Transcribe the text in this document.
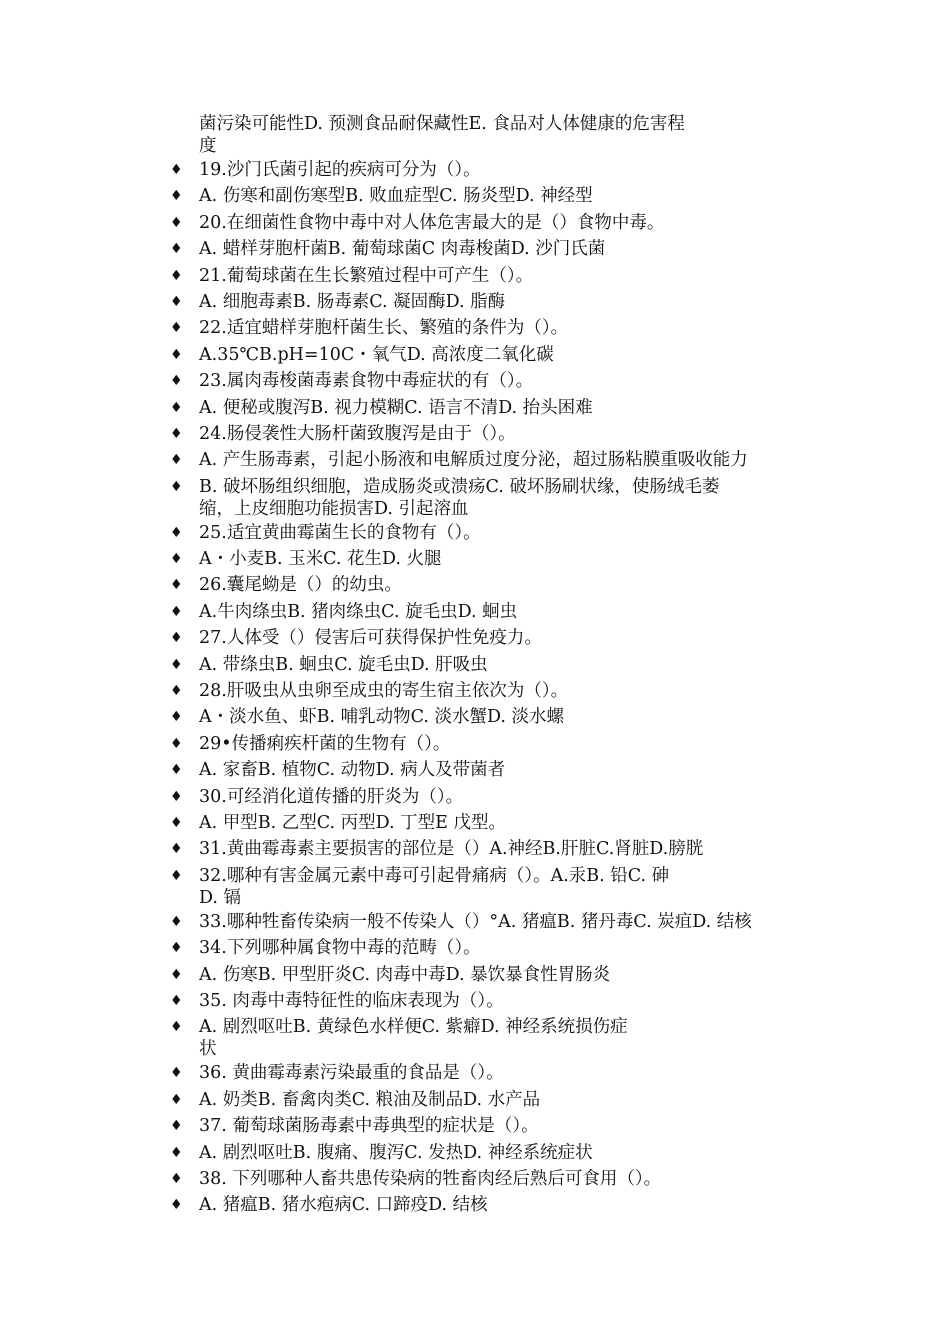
菌污染可能性D. 预测食品耐保藏性E. 食品对人体健康的危害程
度
♦ 19.沙门氏菌引起的疾病可分为（）。
♦ A. 伤寒和副伤寒型B. 败血症型C. 肠炎型D. 神经型
♦ 20.在细菌性食物中毒中对人体危害最大的是（）食物中毒。
♦ A. 蜡样芽胞杆菌B. 葡萄球菌C 肉毒梭菌D. 沙门氏菌
♦ 21.葡萄球菌在生长繁殖过程中可产生（）。
♦ A. 细胞毒素B. 肠毒素C. 凝固酶D. 脂酶
♦ 22.适宜蜡样芽胞杆菌生长、繁殖的条件为（）。
♦ A.35℃B.pH=10C・氧气D. 高浓度二氧化碳
♦ 23.属肉毒梭菌毒素食物中毒症状的有（）。
♦ A. 便秘或腹泻B. 视力模糊C. 语言不清D. 抬头困难
♦ 24.肠侵袭性大肠杆菌致腹泻是由于（）。
♦ A. 产生肠毒素，引起小肠液和电解质过度分泌，超过肠粘膜重吸收能力
♦ B. 破坏肠组织细胞，造成肠炎或溃疡C. 破坏肠刷状缘，使肠绒毛萎
缩，上皮细胞功能损害D. 引起溶血
♦ 25.适宜黄曲霉菌生长的食物有（）。
♦ A・小麦B. 玉米C. 花生D. 火腿
♦ 26.囊尾蚴是（）的幼虫。
♦ A.牛肉绦虫B. 猪肉绦虫C. 旋毛虫D. 蛔虫
♦ 27.人体受（）侵害后可获得保护性免疫力。
♦ A. 带绦虫B. 蛔虫C. 旋毛虫D. 肝吸虫
♦ 28.肝吸虫从虫卵至成虫的寄生宿主依次为（）。
♦ A・淡水鱼、虾B. 哺乳动物C. 淡水蟹D. 淡水螺
♦ 29•传播痢疾杆菌的生物有（）。
♦ A. 家畜B. 植物C. 动物D. 病人及带菌者
♦ 30.可经消化道传播的肝炎为（）。
♦ A. 甲型B. 乙型C. 丙型D. 丁型E 戊型。
♦ 31.黄曲霉毒素主要损害的部位是（）A.神经B.肝脏C.肾脏D.膀胱
♦ 32.哪种有害金属元素中毒可引起骨痛病（）。A.汞B. 铅C. 砷
D. 镉
♦ 33.哪种牲畜传染病一般不传染人（）°A. 猪瘟B. 猪丹毒C. 炭疽D. 结核
♦ 34.下列哪种属食物中毒的范畴（）。
♦ A. 伤寒B. 甲型肝炎C. 肉毒中毒D. 暴饮暴食性胃肠炎
♦ 35. 肉毒中毒特征性的临床表现为（）。
♦ A. 剧烈呕吐B. 黄绿色水样便C. 紫癖D. 神经系统损伤症
状
♦ 36. 黄曲霉毒素污染最重的食品是（）。
♦ A. 奶类B. 畜禽肉类C. 粮油及制品D. 水产品
♦ 37. 葡萄球菌肠毒素中毒典型的症状是（）。
♦ A. 剧烈呕吐B. 腹痛、腹泻C. 发热D. 神经系统症状
♦ 38. 下列哪种人畜共患传染病的牲畜肉经后熟后可食用（）。
♦ A. 猪瘟B. 猪水疱病C. 口蹄疫D. 结核
